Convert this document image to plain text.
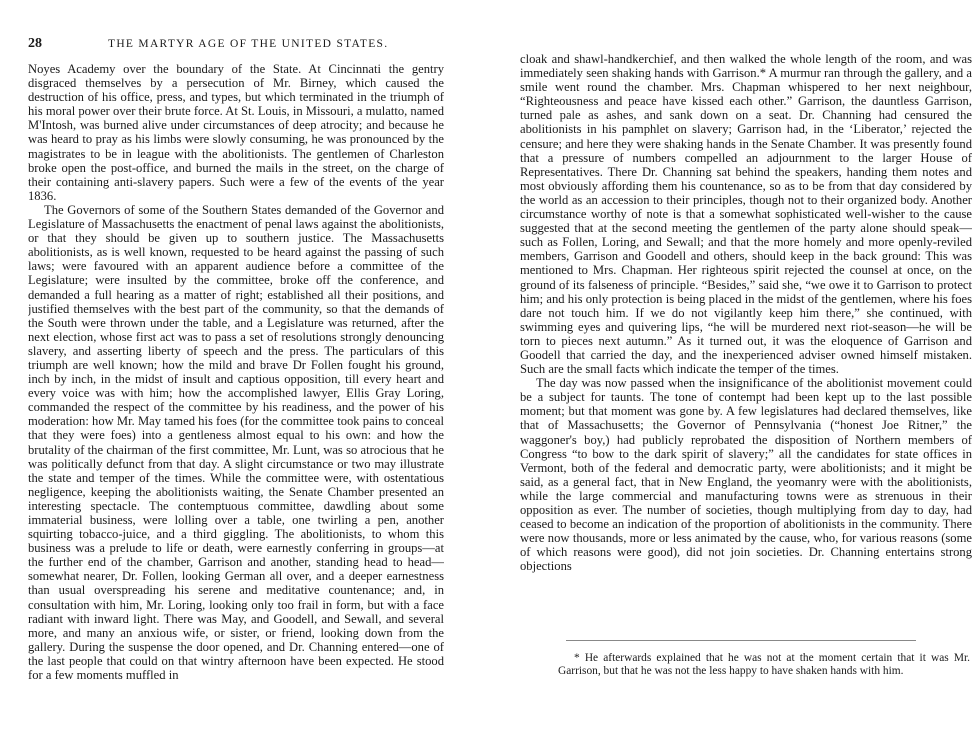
28	THE MARTYR AGE OF THE UNITED STATES.

Noyes Academy over the boundary of the State. At Cincinnati the gentry disgraced themselves by a persecution of Mr. Birney, which caused the destruction of his office, press, and types, but which terminated in the triumph of his moral power over their brute force. At St. Louis, in Missouri, a mulatto, named M'Intosh, was burned alive under circumstances of deep atrocity; and because he was heard to pray as his limbs were slowly consuming, he was pronounced by the magistrates to be in league with the abolitionists. The gentlemen of Charleston broke open the post-office, and burned the mails in the street, on the charge of their containing anti-slavery papers. Such were a few of the events of the year 1836.

The Governors of some of the Southern States demanded of the Governor and Legislature of Massachusetts the enactment of penal laws against the abolitionists, or that they should be given up to southern justice. The Massachusetts abolitionists, as is well known, requested to be heard against the passing of such laws; were favoured with an apparent audience before a committee of the Legislature; were insulted by the committee, broke off the conference, and demanded a full hearing as a matter of right; established all their positions, and justified themselves with the best part of the community, so that the demands of the South were thrown under the table, and a Legislature was returned, after the next election, whose first act was to pass a set of resolutions strongly denouncing slavery, and asserting liberty of speech and the press. The particulars of this triumph are well known; how the mild and brave Dr Follen fought his ground, inch by inch, in the midst of insult and captious opposition, till every heart and every voice was with him; how the accomplished lawyer, Ellis Gray Loring, commanded the respect of the committee by his readiness, and the power of his moderation: how Mr. May tamed his foes (for the committee took pains to conceal that they were foes) into a gentleness almost equal to his own: and how the brutality of the chairman of the first committee, Mr. Lunt, was so atrocious that he was politically defunct from that day. A slight circumstance or two may illustrate the state and temper of the times. While the committee were, with ostentatious negligence, keeping the abolitionists waiting, the Senate Chamber presented an interesting spectacle. The contemptuous committee, dawdling about some immaterial business, were lolling over a table, one twirling a pen, another squirting tobacco-juice, and a third giggling. The abolitionists, to whom this business was a prelude to life or death, were earnestly conferring in groups—at the further end of the chamber, Garrison and another, standing head to head—somewhat nearer, Dr. Follen, looking German all over, and a deeper earnestness than usual overspreading his serene and meditative countenance; and, in consultation with him, Mr. Loring, looking only too frail in form, but with a face radiant with inward light. There was May, and Goodell, and Sewall, and several more, and many an anxious wife, or sister, or friend, looking down from the gallery. During the suspense the door opened, and Dr. Channing entered—one of the last people that could on that wintry afternoon have been expected. He stood for a few moments muffled in

cloak and shawl-handkerchief, and then walked the whole length of the room, and was immediately seen shaking hands with Garrison.* A murmur ran through the gallery, and a smile went round the chamber. Mrs. Chapman whispered to her next neighbour, “Righteousness and peace have kissed each other.” Garrison, the dauntless Garrison, turned pale as ashes, and sank down on a seat. Dr. Channing had censured the abolitionists in his pamphlet on slavery; Garrison had, in the ‘Liberator,’ rejected the censure; and here they were shaking hands in the Senate Chamber. It was presently found that a pressure of numbers compelled an adjournment to the larger House of Representatives. There Dr. Channing sat behind the speakers, handing them notes and most obviously affording them his countenance, so as to be from that day considered by the world as an accession to their principles, though not to their organized body. Another circumstance worthy of note is that a somewhat sophisticated well-wisher to the cause suggested that at the second meeting the gentlemen of the party alone should speak—such as Follen, Loring, and Sewall; and that the more homely and more openly-reviled members, Garrison and Goodell and others, should keep in the back ground: This was mentioned to Mrs. Chapman. Her righteous spirit rejected the counsel at once, on the ground of its falseness of principle. “Besides,” said she, “we owe it to Garrison to protect him; and his only protection is being placed in the midst of the gentlemen, where his foes dare not touch him. If we do not vigilantly keep him there,” she continued, with swimming eyes and quivering lips, “he will be murdered next riot-season—he will be torn to pieces next autumn.” As it turned out, it was the eloquence of Garrison and Goodell that carried the day, and the inexperienced adviser owned himself mistaken. Such are the small facts which indicate the temper of the times.

The day was now passed when the insignificance of the abolitionist movement could be a subject for taunts. The tone of contempt had been kept up to the last possible moment; but that moment was gone by. A few legislatures had declared themselves, like that of Massachusetts; the Governor of Pennsylvania (“honest Joe Ritner,” the waggoner's boy,) had publicly reprobated the disposition of Northern members of Congress “to bow to the dark spirit of slavery;” all the candidates for state offices in Vermont, both of the federal and democratic party, were abolitionists; and it might be said, as a general fact, that in New England, the yeomanry were with the abolitionists, while the large commercial and manufacturing towns were as strenuous in their opposition as ever. The number of societies, though multiplying from day to day, had ceased to become an indication of the proportion of abolitionists in the community. There were now thousands, more or less animated by the cause, who, for various reasons (some of which reasons were good), did not join societies. Dr. Channing entertains strong objections

* He afterwards explained that he was not at the moment certain that it was Mr. Garrison, but that he was not the less happy to have shaken hands with him.
